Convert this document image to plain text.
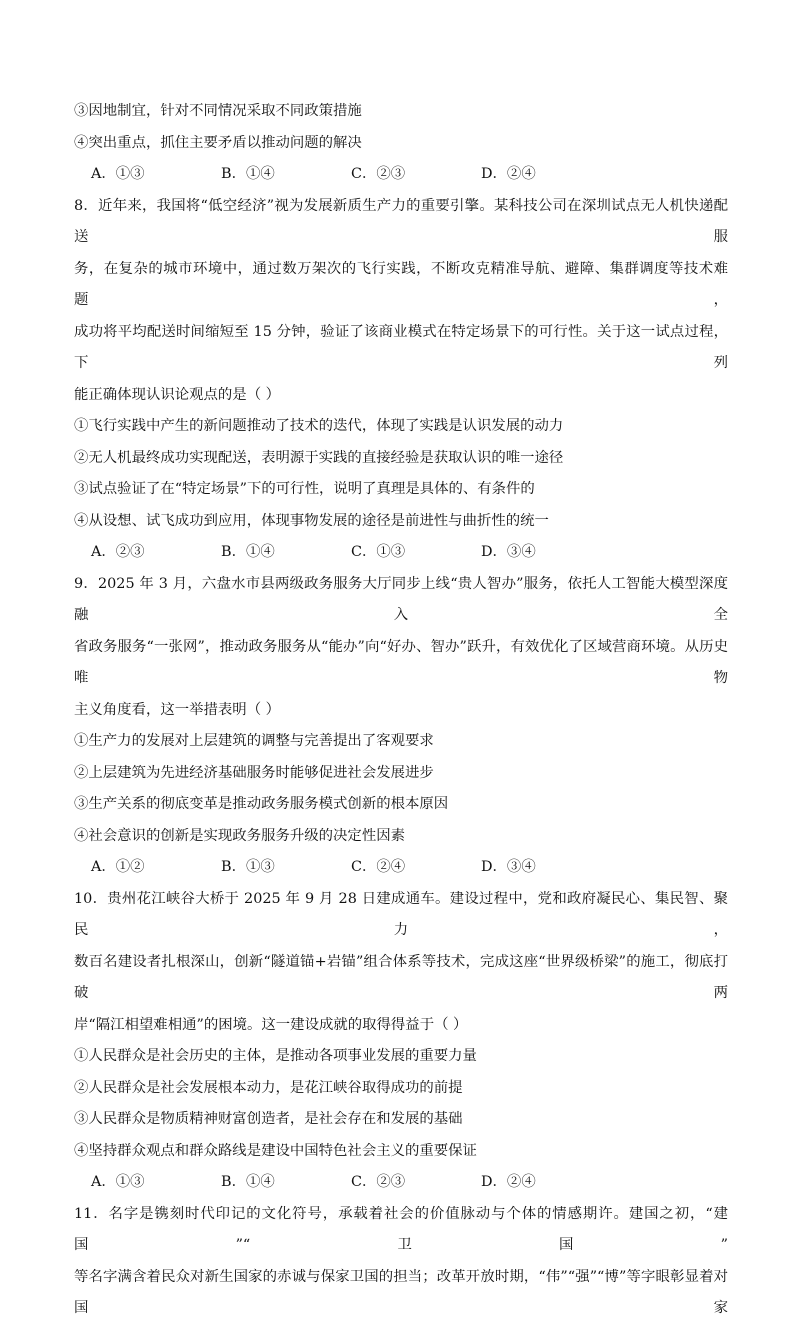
③因地制宜，针对不同情况采取不同政策措施
④突出重点，抓住主要矛盾以推动问题的解决
A．①③	B．①④	C．②③	D．②④
8．近年来，我国将“低空经济”视为发展新质生产力的重要引擎。某科技公司在深圳试点无人机快递配送服
务，在复杂的城市环境中，通过数万架次的飞行实践，不断攻克精准导航、避障、集群调度等技术难题，
成功将平均配送时间缩短至 15 分钟，验证了该商业模式在特定场景下的可行性。关于这一试点过程，下列
能正确体现认识论观点的是（ ）
①飞行实践中产生的新问题推动了技术的迭代，体现了实践是认识发展的动力
②无人机最终成功实现配送，表明源于实践的直接经验是获取认识的唯一途径
③试点验证了在“特定场景”下的可行性，说明了真理是具体的、有条件的
④从设想、试飞成功到应用，体现事物发展的途径是前进性与曲折性的统一
A．②③	B．①④	C．①③	D．③④
9．2025 年 3 月，六盘水市县两级政务服务大厅同步上线“贵人智办”服务，依托人工智能大模型深度融入全
省政务服务“一张网”，推动政务服务从“能办”向“好办、智办”跃升，有效优化了区域营商环境。从历史唯物
主义角度看，这一举措表明（ ）
①生产力的发展对上层建筑的调整与完善提出了客观要求
②上层建筑为先进经济基础服务时能够促进社会发展进步
③生产关系的彻底变革是推动政务服务模式创新的根本原因
④社会意识的创新是实现政务服务升级的决定性因素
A．①②	B．①③	C．②④	D．③④
10．贵州花江峡谷大桥于 2025 年 9 月 28 日建成通车。建设过程中，党和政府凝民心、集民智、聚民力，
数百名建设者扎根深山，创新“隧道锚+岩锚”组合体系等技术，完成这座“世界级桥梁”的施工，彻底打破两
岸“隔江相望难相通”的困境。这一建设成就的取得得益于（ ）
①人民群众是社会历史的主体，是推动各项事业发展的重要力量
②人民群众是社会发展根本动力，是花江峡谷取得成功的前提
③人民群众是物质精神财富创造者，是社会存在和发展的基础
④坚持群众观点和群众路线是建设中国特色社会主义的重要保证
A．①③	B．①④	C．②③	D．②④
11．名字是镌刻时代印记的文化符号，承载着社会的价值脉动与个体的情感期许。建国之初，“建国”“卫国”
等名字满含着民众对新生国家的赤诚与保家卫国的担当；改革开放时期，“伟”“强”“博”等字眼彰显着对国家
